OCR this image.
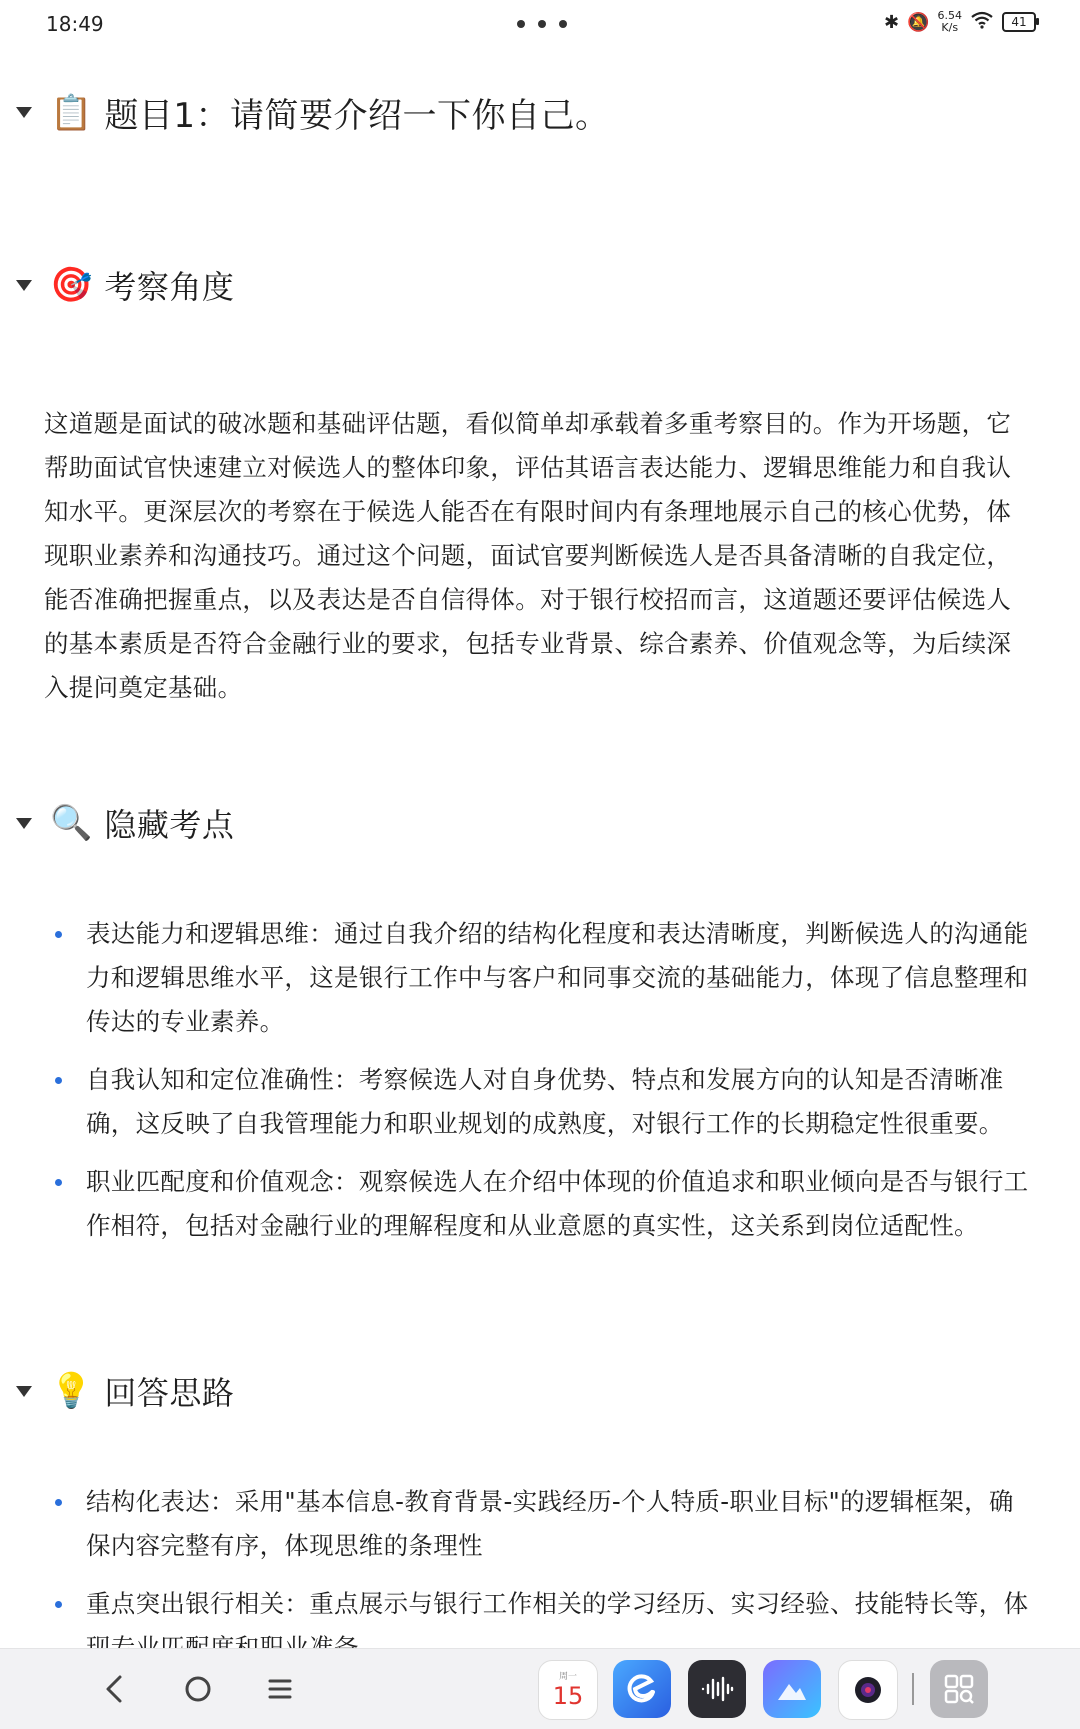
18:49	✱ 🔕 6.54
K/s	41
📋 题目1：请简要介绍一下你自己。
🎯 考察角度
这道题是面试的破冰题和基础评估题，看似简单却承载着多重考察目的。作为开场题，它帮助面试官快速建立对候选人的整体印象，评估其语言表达能力、逻辑思维能力和自我认知水平。更深层次的考察在于候选人能否在有限时间内有条理地展示自己的核心优势，体现职业素养和沟通技巧。通过这个问题，面试官要判断候选人是否具备清晰的自我定位，能否准确把握重点，以及表达是否自信得体。对于银行校招而言，这道题还要评估候选人的基本素质是否符合金融行业的要求，包括专业背景、综合素养、价值观念等，为后续深入提问奠定基础。
🔍 隐藏考点
表达能力和逻辑思维：通过自我介绍的结构化程度和表达清晰度，判断候选人的沟通能力和逻辑思维水平，这是银行工作中与客户和同事交流的基础能力，体现了信息整理和传达的专业素养。
自我认知和定位准确性：考察候选人对自身优势、特点和发展方向的认知是否清晰准确，这反映了自我管理能力和职业规划的成熟度，对银行工作的长期稳定性很重要。
职业匹配度和价值观念：观察候选人在介绍中体现的价值追求和职业倾向是否与银行工作相符，包括对金融行业的理解程度和从业意愿的真实性，这关系到岗位适配性。
💡 回答思路
结构化表达：采用"基本信息-教育背景-实践经历-个人特质-职业目标"的逻辑框架，确保内容完整有序，体现思维的条理性
重点突出银行相关：重点展示与银行工作相关的学习经历、实习经验、技能特长等，体
周一
15
